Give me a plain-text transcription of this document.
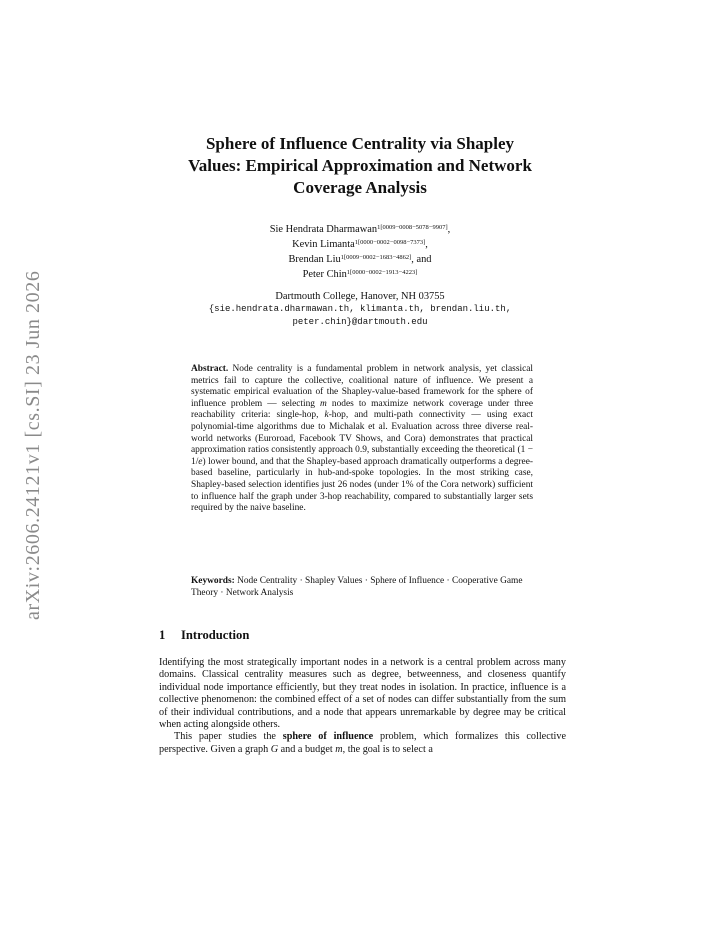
arXiv:2606.24121v1 [cs.SI] 23 Jun 2026
Sphere of Influence Centrality via Shapley
Values: Empirical Approximation and Network
Coverage Analysis
Sie Hendrata Dharmawan$^{1[0009-0008-5078-9907]}$,
Kevin Limanta$^{1[0000-0002-0098-7373]}$,
Brendan Liu$^{1[0009-0002-1683-4862]}$, and
Peter Chin$^{1[0000-0002-1913-4223]}$
Dartmouth College, Hanover, NH 03755
{sie.hendrata.dharmawan.th, klimanta.th, brendan.liu.th,
peter.chin}@dartmouth.edu
Abstract. Node centrality is a fundamental problem in network analysis, yet classical metrics fail to capture the collective, coalitional nature of influence. We present a systematic empirical evaluation of the Shapley-value-based framework for the sphere of influence problem — selecting m nodes to maximize network coverage under three reachability criteria: single-hop, k-hop, and multi-path connectivity — using exact polynomial-time algorithms due to Michalak et al. Evaluation across three diverse real-world networks (Euroroad, Facebook TV Shows, and Cora) demonstrates that practical approximation ratios consistently approach 0.9, substantially exceeding the theoretical (1 − 1/e) lower bound, and that the Shapley-based approach dramatically outperforms a degree-based baseline, particularly in hub-and-spoke topologies. In the most striking case, Shapley-based selection identifies just 26 nodes (under 1% of the Cora network) sufficient to influence half the graph under 3-hop reachability, compared to substantially larger sets required by the naive baseline.
Keywords: Node Centrality · Shapley Values · Sphere of Influence · Cooperative Game Theory · Network Analysis
1 Introduction

Identifying the most strategically important nodes in a network is a central problem across many domains. Classical centrality measures such as degree, betweenness, and closeness quantify individual node importance efficiently, but they treat nodes in isolation. In practice, influence is a collective phenomenon: the combined effect of a set of nodes can differ substantially from the sum of their individual contributions, and a node that appears unremarkable by degree may be critical when acting alongside others.

This paper studies the sphere of influence problem, which formalizes this collective perspective. Given a graph G and a budget m, the goal is to select a
